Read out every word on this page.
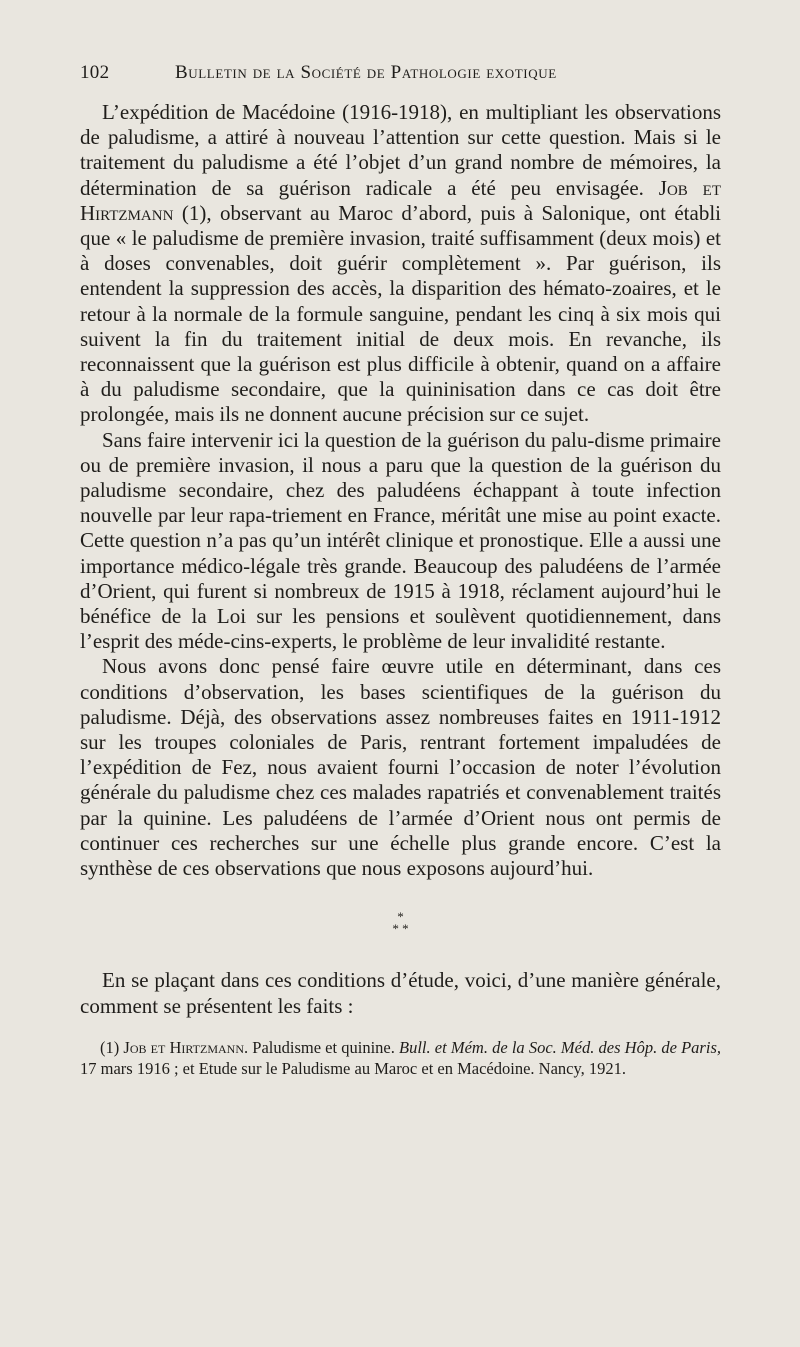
102	Bulletin de la Société de Pathologie exotique

L’expédition de Macédoine (1916-1918), en multipliant les observations de paludisme, a attiré à nouveau l’attention sur cette question. Mais si le traitement du paludisme a été l’objet d’un grand nombre de mémoires, la détermination de sa guérison radicale a été peu envisagée. Job et Hirtzmann (1), observant au Maroc d’abord, puis à Salonique, ont établi que « le paludisme de première invasion, traité suffisamment (deux mois) et à doses convenables, doit guérir complètement ». Par guérison, ils entendent la suppression des accès, la disparition des hémato-zoaires, et le retour à la normale de la formule sanguine, pendant les cinq à six mois qui suivent la fin du traitement initial de deux mois. En revanche, ils reconnaissent que la guérison est plus difficile à obtenir, quand on a affaire à du paludisme secondaire, que la quininisation dans ce cas doit être prolongée, mais ils ne donnent aucune précision sur ce sujet.

Sans faire intervenir ici la question de la guérison du palu-disme primaire ou de première invasion, il nous a paru que la question de la guérison du paludisme secondaire, chez des paludéens échappant à toute infection nouvelle par leur rapa-triement en France, méritât une mise au point exacte. Cette question n’a pas qu’un intérêt clinique et pronostique. Elle a aussi une importance médico-légale très grande. Beaucoup des paludéens de l’armée d’Orient, qui furent si nombreux de 1915 à 1918, réclament aujourd’hui le bénéfice de la Loi sur les pensions et soulèvent quotidiennement, dans l’esprit des méde-cins-experts, le problème de leur invalidité restante.

Nous avons donc pensé faire œuvre utile en déterminant, dans ces conditions d’observation, les bases scientifiques de la guérison du paludisme. Déjà, des observations assez nombreuses faites en 1911-1912 sur les troupes coloniales de Paris, rentrant fortement impaludées de l’expédition de Fez, nous avaient fourni l’occasion de noter l’évolution générale du paludisme chez ces malades rapatriés et convenablement traités par la quinine. Les paludéens de l’armée d’Orient nous ont permis de continuer ces recherches sur une échelle plus grande encore. C’est la synthèse de ces observations que nous exposons aujourd’hui.

*
* *

En se plaçant dans ces conditions d’étude, voici, d’une manière générale, comment se présentent les faits :

(1) Job et Hirtzmann. Paludisme et quinine. Bull. et Mém. de la Soc. Méd. des Hôp. de Paris, 17 mars 1916 ; et Etude sur le Paludisme au Maroc et en Macédoine. Nancy, 1921.
